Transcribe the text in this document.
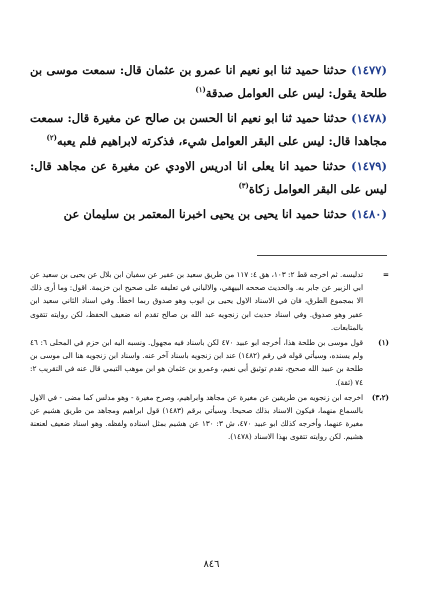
(١٤٧٧) حدثنا حميد ثنا ابو نعيم انا عمرو بن عثمان قال: سمعت موسى بن طلحة يقول: ليس على العوامل صدقة$^{(١)}$

(١٤٧٨) حدثنا حميد ثنا ابو نعيم انا الحسن بن صالح عن مغيرة قال: سمعت مجاهدا قال: ليس على البقر العوامل شيء، فذكرته لابراهيم فلم يعبه$^{(٢)}$

(١٤٧٩) حدثنا حميد انا يعلى انا ادريس الاودي عن مغيرة عن مجاهد قال: ليس على البقر العوامل زكاة$^{(٣)}$

(١٤٨٠) حدثنا حميد انا يحيى بن يحيى اخبرنا المعتمر بن سليمان عن

=
تدليسه. ثم اخرجه قط ٢: ١٠٣، هق ٤: ١١٧ من طريق سعيد بن عفير عن سفيان ابن بلال عن يحيى بن سعيد عن ابي الزبير عن جابر به. والحديث صححه البيهقي، والالباني في تعليقه على صحيح ابن خزيمة. اقول: وما أرى ذلك الا بمجموع الطرق، فان في الاسناد الاول يحيى بن ايوب وهو صدوق ربما اخطأ. وفي اسناد الثاني سعيد ابن عفير وهو صدوق. وفي اسناد حديث ابن زنجويه عبد الله بن صالح تقدم انه ضعيف الحفظ، لكن روايته تتقوى بالمتابعات.
(١)
قول موسى بن طلحة هذا، أخرجه ابو عبيد ٤٧٠ لكن باسناد فيه مجهول. ونسبه اليه ابن حزم في المحلى ٦: ٤٦ ولم يسنده، وسيأتي قوله في رقم (١٤٨٢) عند ابن زنجويه باسناد آخر عنه. واسناد ابن زنجويه هنا الى موسى بن طلحة بن عبيد الله صحيح، تقدم توثيق أبي نعيم، وعمرو بن عثمان هو ابن موهب التيمي قال عنه في التقريب ٢: ٧٤ (ثقة).
(٣،٢)
اخرجه ابن زنجويه من طريقين عن مغيرة عن مجاهد وابراهيم، وصرح مغيرة - وهو مدلس كما مضى - في الاول بالسماع منهما، فيكون الاسناد بذلك صحيحا. وسيأتي برقم (١٤٨٣) قول ابراهيم ومجاهد من طريق هشيم عن مغيرة عنهما، وأخرجه كذلك ابو عبيد ٤٧٠، ش ٣: ١٣٠ عن هشيم بمثل اسناده ولفظه. وهو اسناد ضعيف لعنعنة هشيم. لكن روايته تتقوى بهذا الاسناد (١٤٧٨).
٨٤٦
